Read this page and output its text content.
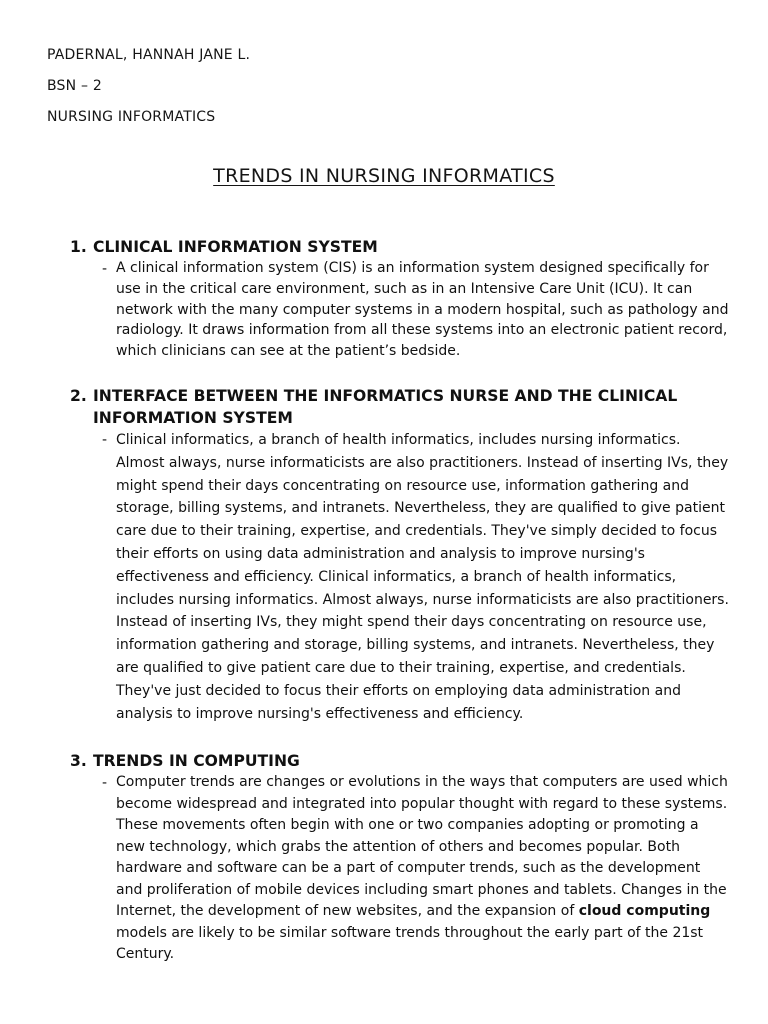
PADERNAL, HANNAH JANE L.
BSN – 2
NURSING INFORMATICS
TRENDS IN NURSING INFORMATICS
1. CLINICAL INFORMATION SYSTEM
- A clinical information system (CIS) is an information system designed specifically for use in the critical care environment, such as in an Intensive Care Unit (ICU). It can network with the many computer systems in a modern hospital, such as pathology and radiology. It draws information from all these systems into an electronic patient record, which clinicians can see at the patient’s bedside.
2. INTERFACE BETWEEN THE INFORMATICS NURSE AND THE CLINICAL INFORMATION SYSTEM
- Clinical informatics, a branch of health informatics, includes nursing informatics. Almost always, nurse informaticists are also practitioners. Instead of inserting IVs, they might spend their days concentrating on resource use, information gathering and storage, billing systems, and intranets. Nevertheless, they are qualified to give patient care due to their training, expertise, and credentials. They've simply decided to focus their efforts on using data administration and analysis to improve nursing's effectiveness and efficiency. Clinical informatics, a branch of health informatics, includes nursing informatics. Almost always, nurse informaticists are also practitioners. Instead of inserting IVs, they might spend their days concentrating on resource use, information gathering and storage, billing systems, and intranets. Nevertheless, they are qualified to give patient care due to their training, expertise, and credentials. They've just decided to focus their efforts on employing data administration and analysis to improve nursing's effectiveness and efficiency.
3. TRENDS IN COMPUTING
- Computer trends are changes or evolutions in the ways that computers are used which become widespread and integrated into popular thought with regard to these systems. These movements often begin with one or two companies adopting or promoting a new technology, which grabs the attention of others and becomes popular. Both hardware and software can be a part of computer trends, such as the development and proliferation of mobile devices including smart phones and tablets. Changes in the Internet, the development of new websites, and the expansion of cloud computing models are likely to be similar software trends throughout the early part of the 21st Century.
